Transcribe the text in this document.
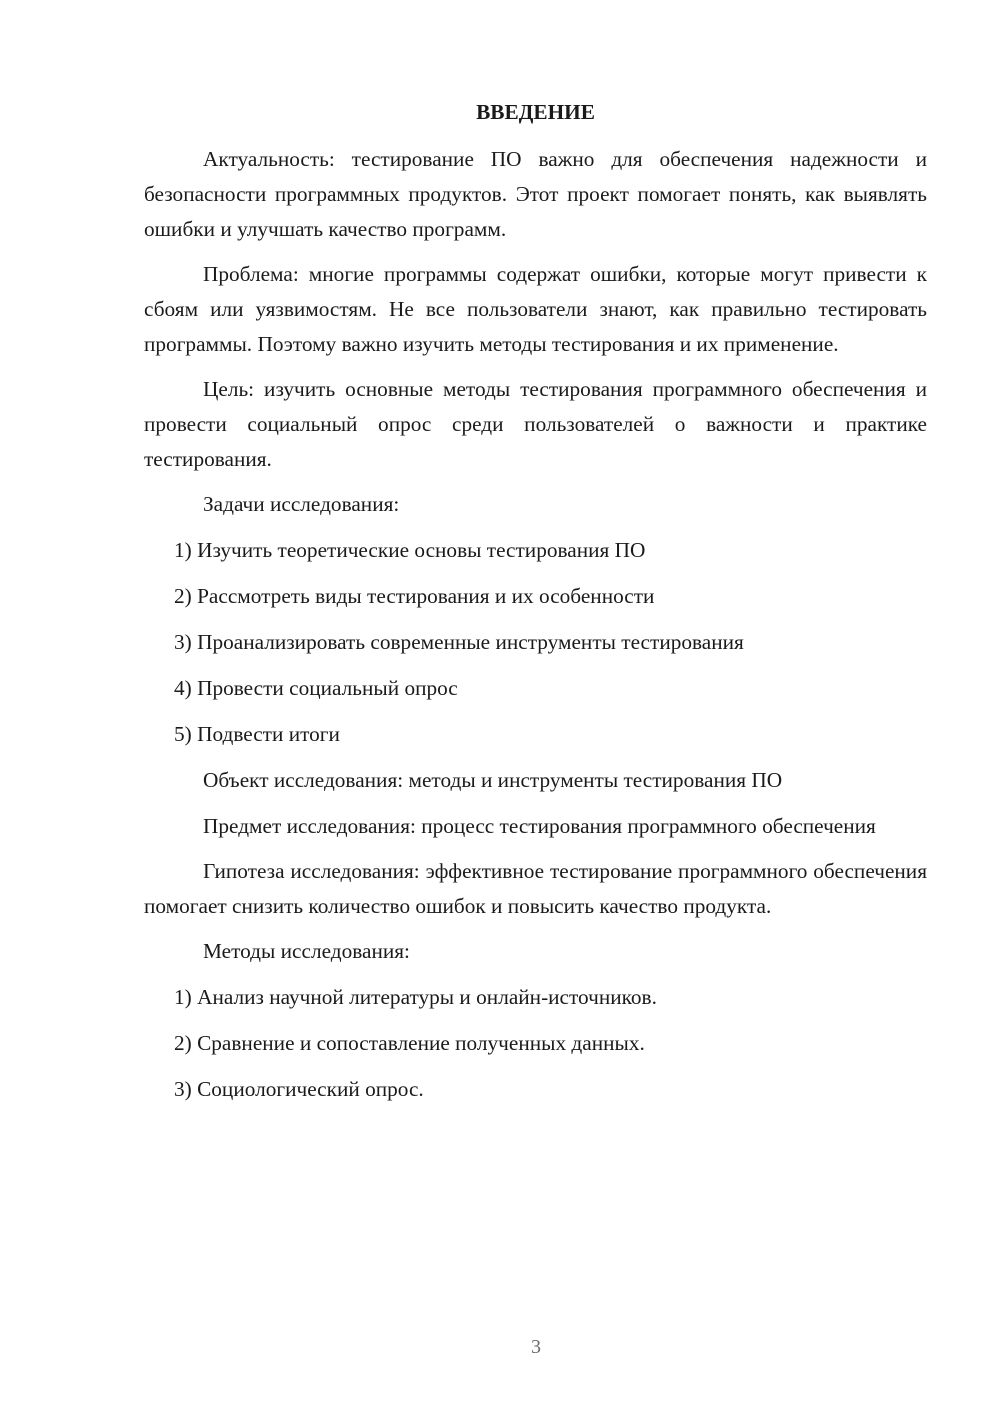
ВВЕДЕНИЕ

Актуальность: тестирование ПО важно для обеспечения надежности и безопасности программных продуктов. Этот проект помогает понять, как выявлять ошибки и улучшать качество программ.

Проблема: многие программы содержат ошибки, которые могут привести к сбоям или уязвимостям. Не все пользователи знают, как правильно тестировать программы. Поэтому важно изучить методы тестирования и их применение.

Цель: изучить основные методы тестирования программного обеспечения и провести социальный опрос среди пользователей о важности и практике тестирования.

Задачи исследования:

1) Изучить теоретические основы тестирования ПО

2) Рассмотреть виды тестирования и их особенности

3) Проанализировать современные инструменты тестирования

4) Провести социальный опрос

5) Подвести итоги

Объект исследования: методы и инструменты тестирования ПО

Предмет исследования: процесс тестирования программного обеспечения

Гипотеза исследования: эффективное тестирование программного обеспечения помогает снизить количество ошибок и повысить качество продукта.

Методы исследования:

1) Анализ научной литературы и онлайн-источников.

2) Сравнение и сопоставление полученных данных.

3) Социологический опрос.

3
